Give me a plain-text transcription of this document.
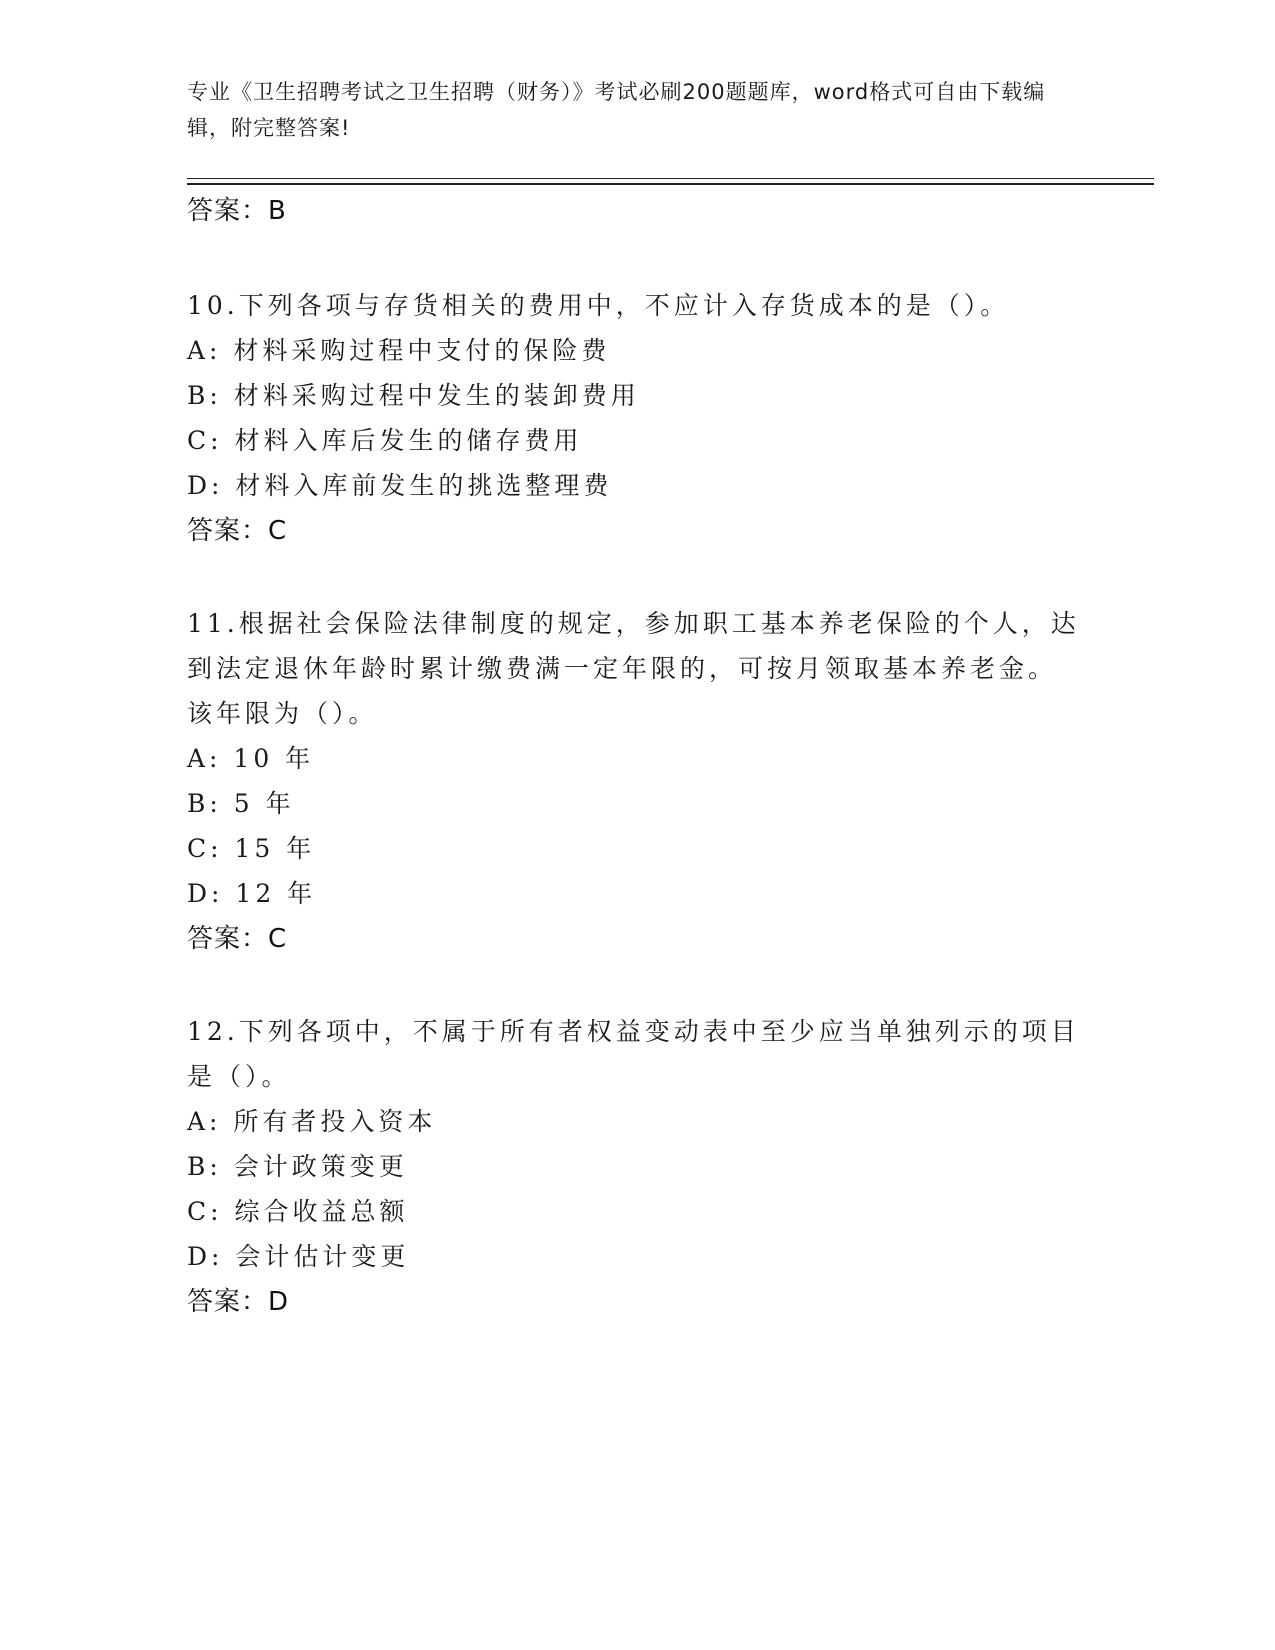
专业《卫生招聘考试之卫生招聘（财务）》考试必刷200题题库，word格式可自由下载编辑，附完整答案!
答案：B
10.下列各项与存货相关的费用中，不应计入存货成本的是（）。
A: 材料采购过程中支付的保险费
B: 材料采购过程中发生的装卸费用
C: 材料入库后发生的储存费用
D: 材料入库前发生的挑选整理费
答案：C
11.根据社会保险法律制度的规定，参加职工基本养老保险的个人，达
到法定退休年龄时累计缴费满一定年限的，可按月领取基本养老金。
该年限为（）。
A: 10 年
B: 5 年
C: 15 年
D: 12 年
答案：C
12.下列各项中，不属于所有者权益变动表中至少应当单独列示的项目
是（）。
A: 所有者投入资本
B: 会计政策变更
C: 综合收益总额
D: 会计估计变更
答案：D
